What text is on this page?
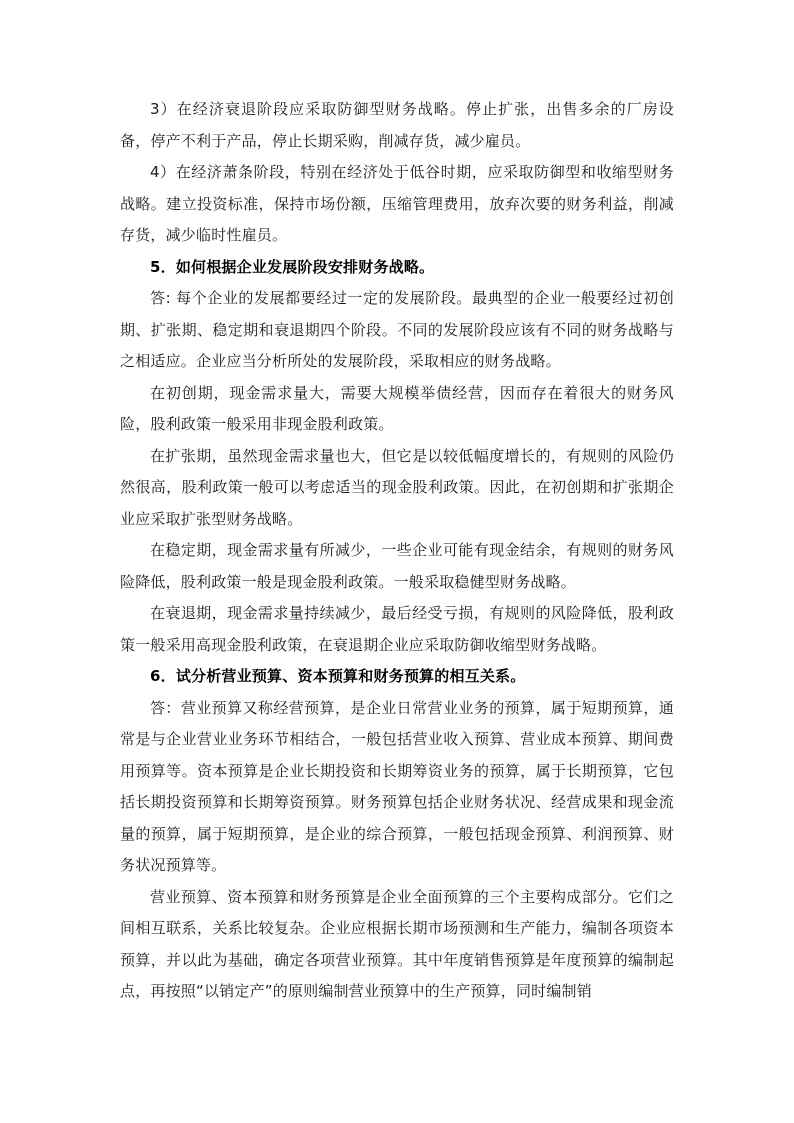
3）在经济衰退阶段应采取防御型财务战略。停止扩张，出售多余的厂房设备，停产不利于产品，停止长期采购，削减存货，减少雇员。

4）在经济萧条阶段，特别在经济处于低谷时期，应采取防御型和收缩型财务战略。建立投资标准，保持市场份额，压缩管理费用，放弃次要的财务利益，削减存货，减少临时性雇员。

5．如何根据企业发展阶段安排财务战略。

答: 每个企业的发展都要经过一定的发展阶段。最典型的企业一般要经过初创期、扩张期、稳定期和衰退期四个阶段。不同的发展阶段应该有不同的财务战略与之相适应。企业应当分析所处的发展阶段，采取相应的财务战略。

在初创期，现金需求量大，需要大规模举债经营，因而存在着很大的财务风险，股利政策一般采用非现金股利政策。

在扩张期，虽然现金需求量也大，但它是以较低幅度增长的，有规则的风险仍然很高，股利政策一般可以考虑适当的现金股利政策。因此，在初创期和扩张期企业应采取扩张型财务战略。

在稳定期，现金需求量有所减少，一些企业可能有现金结余，有规则的财务风险降低，股利政策一般是现金股利政策。一般采取稳健型财务战略。

在衰退期，现金需求量持续减少，最后经受亏损，有规则的风险降低，股利政策一般采用高现金股利政策，在衰退期企业应采取防御收缩型财务战略。

6．试分析营业预算、资本预算和财务预算的相互关系。

答：营业预算又称经营预算，是企业日常营业业务的预算，属于短期预算，通常是与企业营业业务环节相结合，一般包括营业收入预算、营业成本预算、期间费用预算等。资本预算是企业长期投资和长期筹资业务的预算，属于长期预算，它包括长期投资预算和长期筹资预算。财务预算包括企业财务状况、经营成果和现金流量的预算，属于短期预算，是企业的综合预算，一般包括现金预算、利润预算、财务状况预算等。

营业预算、资本预算和财务预算是企业全面预算的三个主要构成部分。它们之间相互联系，关系比较复杂。企业应根据长期市场预测和生产能力，编制各项资本预算，并以此为基础，确定各项营业预算。其中年度销售预算是年度预算的编制起点，再按照“以销定产”的原则编制营业预算中的生产预算，同时编制销
